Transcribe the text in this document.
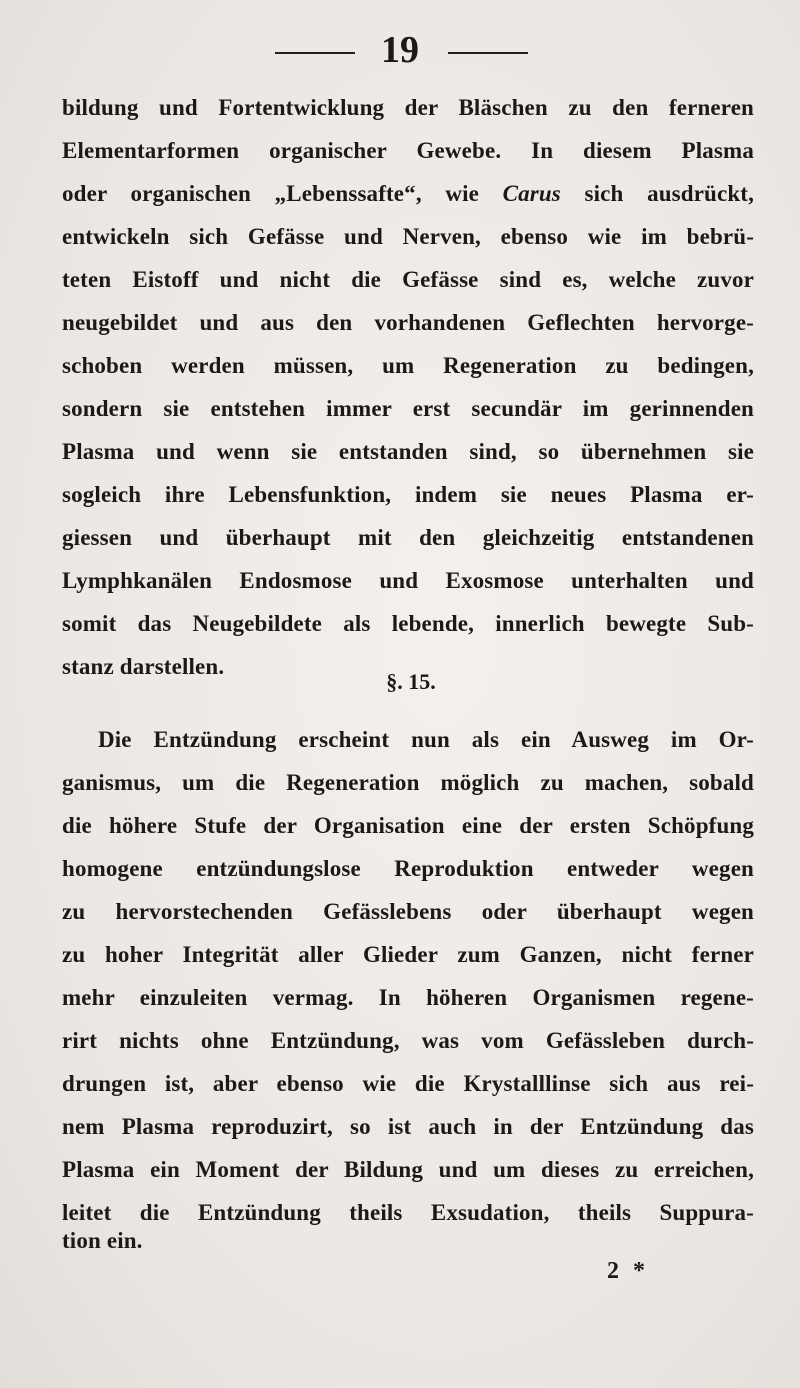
19
bildung und Fortentwicklung der Bläschen zu den ferneren
Elementarformen organischer Gewebe. In diesem Plasma
oder organischen „Lebenssafte“, wie Carus sich ausdrückt,
entwickeln sich Gefässe und Nerven, ebenso wie im bebrü-
teten Eistoff und nicht die Gefässe sind es, welche zuvor
neugebildet und aus den vorhandenen Geflechten hervorge-
schoben werden müssen, um Regeneration zu bedingen,
sondern sie entstehen immer erst secundär im gerinnenden
Plasma und wenn sie entstanden sind, so übernehmen sie
sogleich ihre Lebensfunktion, indem sie neues Plasma er-
giessen und überhaupt mit den gleichzeitig entstandenen
Lymphkanälen Endosmose und Exosmose unterhalten und
somit das Neugebildete als lebende, innerlich bewegte Sub-
stanz darstellen.
§. 15.
Die Entzündung erscheint nun als ein Ausweg im Or-
ganismus, um die Regeneration möglich zu machen, sobald
die höhere Stufe der Organisation eine der ersten Schöpfung
homogene entzündungslose Reproduktion entweder wegen
zu hervorstechenden Gefässlebens oder überhaupt wegen
zu hoher Integrität aller Glieder zum Ganzen, nicht ferner
mehr einzuleiten vermag. In höheren Organismen regene-
rirt nichts ohne Entzündung, was vom Gefässleben durch-
drungen ist, aber ebenso wie die Krystalllinse sich aus rei-
nem Plasma reproduzirt, so ist auch in der Entzündung das
Plasma ein Moment der Bildung und um dieses zu erreichen,
leitet die Entzündung theils Exsudation, theils Suppura-
tion ein.
2 *
